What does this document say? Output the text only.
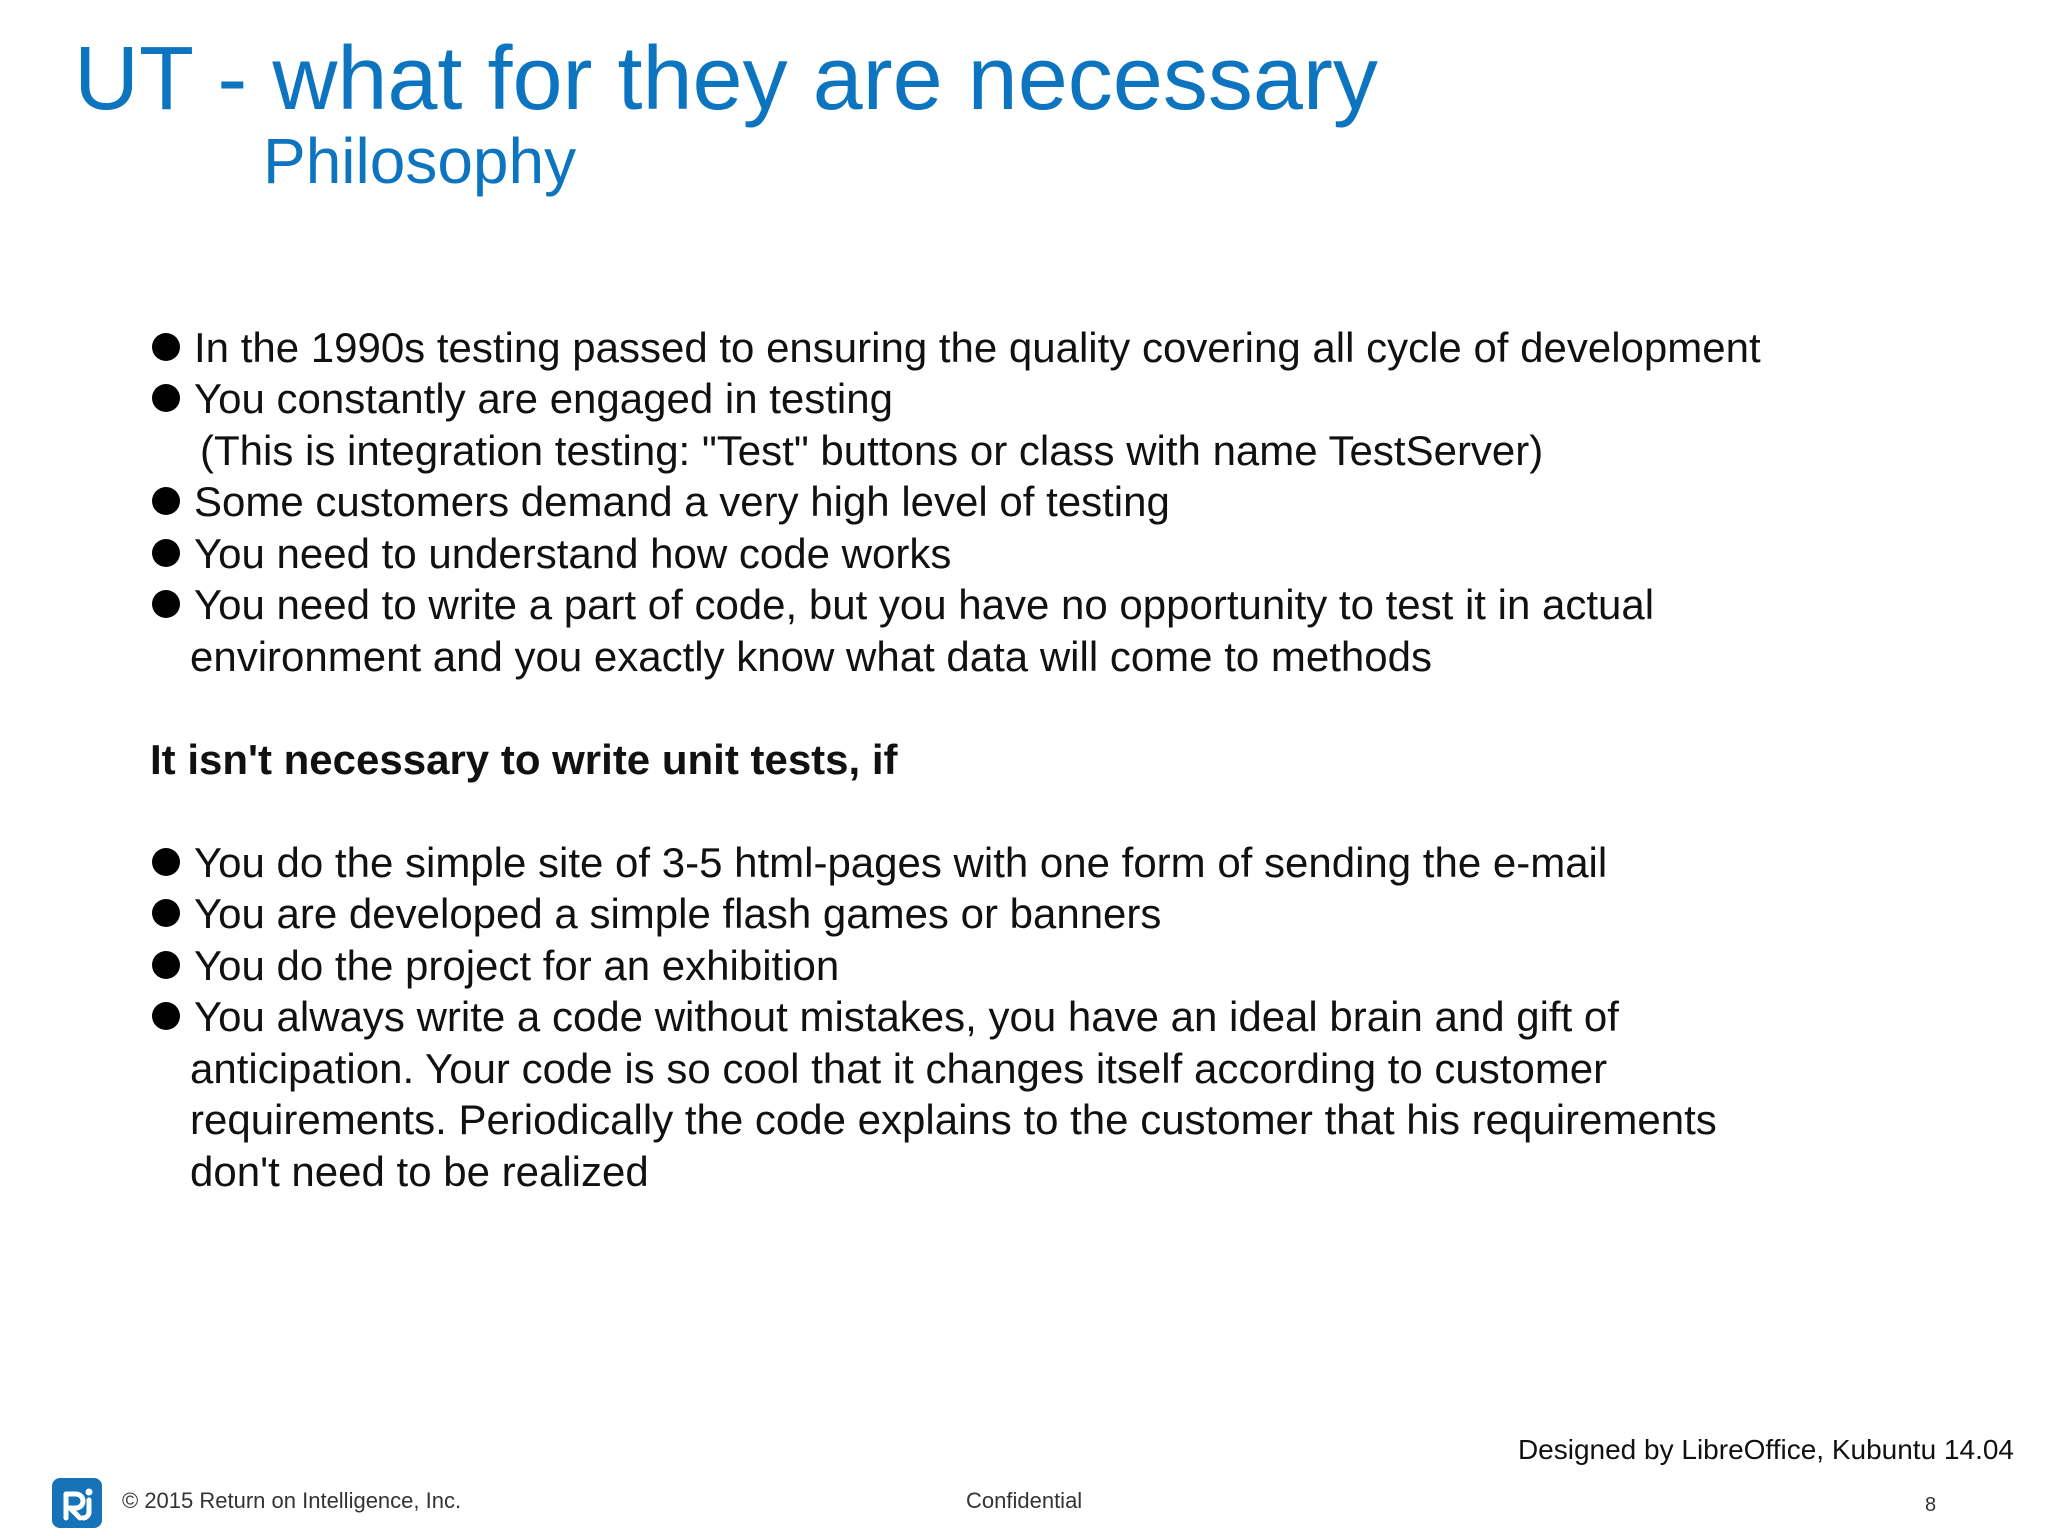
UT - what for they are necessary
Philosophy
In the 1990s testing passed to ensuring the quality covering all cycle of development
You constantly are engaged in testing
(This is integration testing: "Test" buttons or class with name TestServer)
Some customers demand a very high level of testing
You need to understand how code works
You need to write a part of code, but you have no opportunity to test it in actual
environment and you exactly know what data will come to methods
It isn't necessary to write unit tests, if
You do the simple site of 3-5 html-pages with one form of sending the e-mail
You are developed a simple flash games or banners
You do the project for an exhibition
You always write a code without mistakes, you have an ideal brain and gift of
anticipation. Your code is so cool that it changes itself according to customer
requirements. Periodically the code explains to the customer that his requirements
don't need to be realized
Designed by LibreOffice, Kubuntu 14.04
© 2015 Return on Intelligence, Inc.	Confidential	8
